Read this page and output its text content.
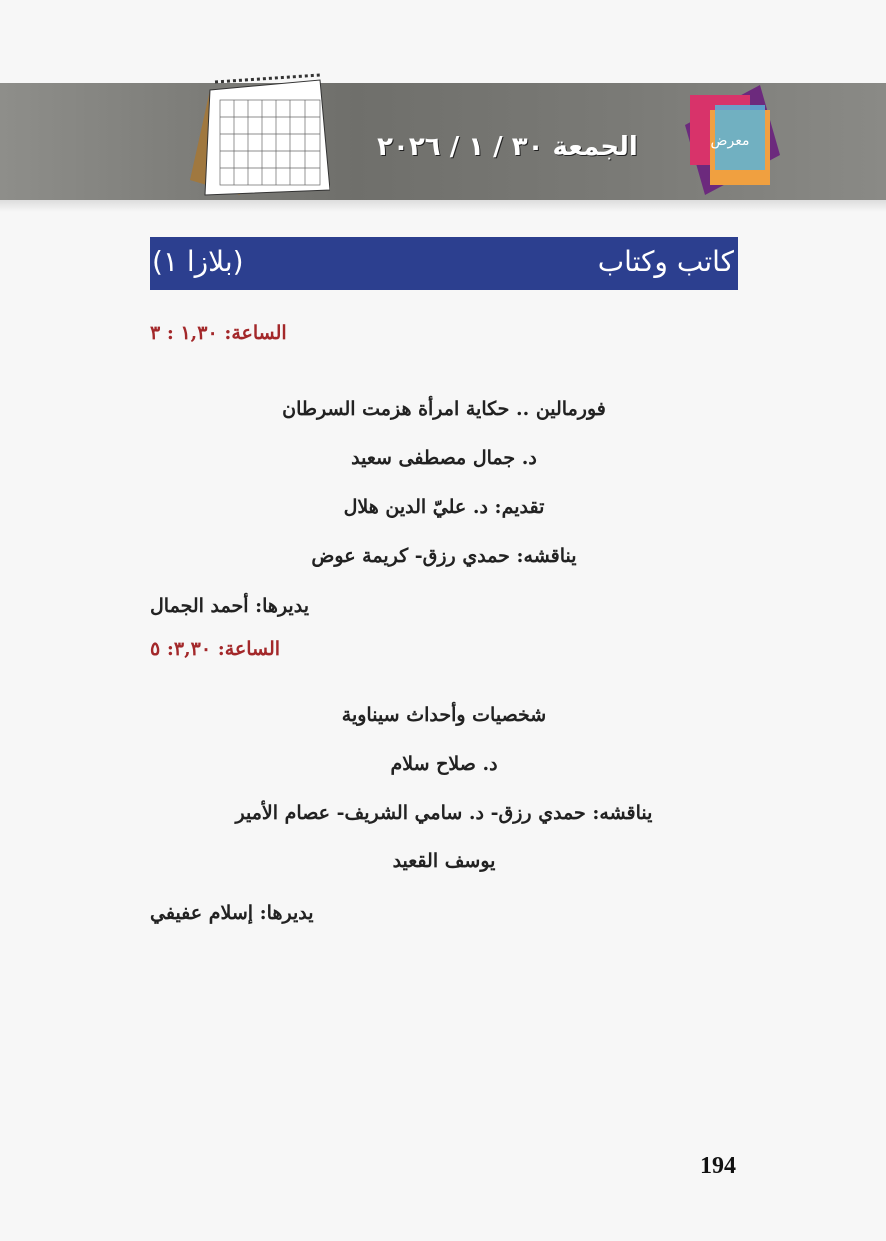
الجمعة ٣٠ / ١ / ٢٠٢٦	معرض
كاتب وكتاب
(بلازا ١)
الساعة: ١,٣٠ : ٣
فورمالين .. حكاية امرأة هزمت السرطان
د. جمال مصطفى سعيد
تقديم: د. عليّ الدين هلال
يناقشه: حمدي رزق- كريمة عوض
يديرها: أحمد الجمال
الساعة: ٣,٣٠: ٥
شخصيات وأحداث سيناوية
د. صلاح سلام
يناقشه: حمدي رزق- د. سامي الشريف- عصام الأمير
يوسف القعيد
يديرها: إسلام عفيفي
194
